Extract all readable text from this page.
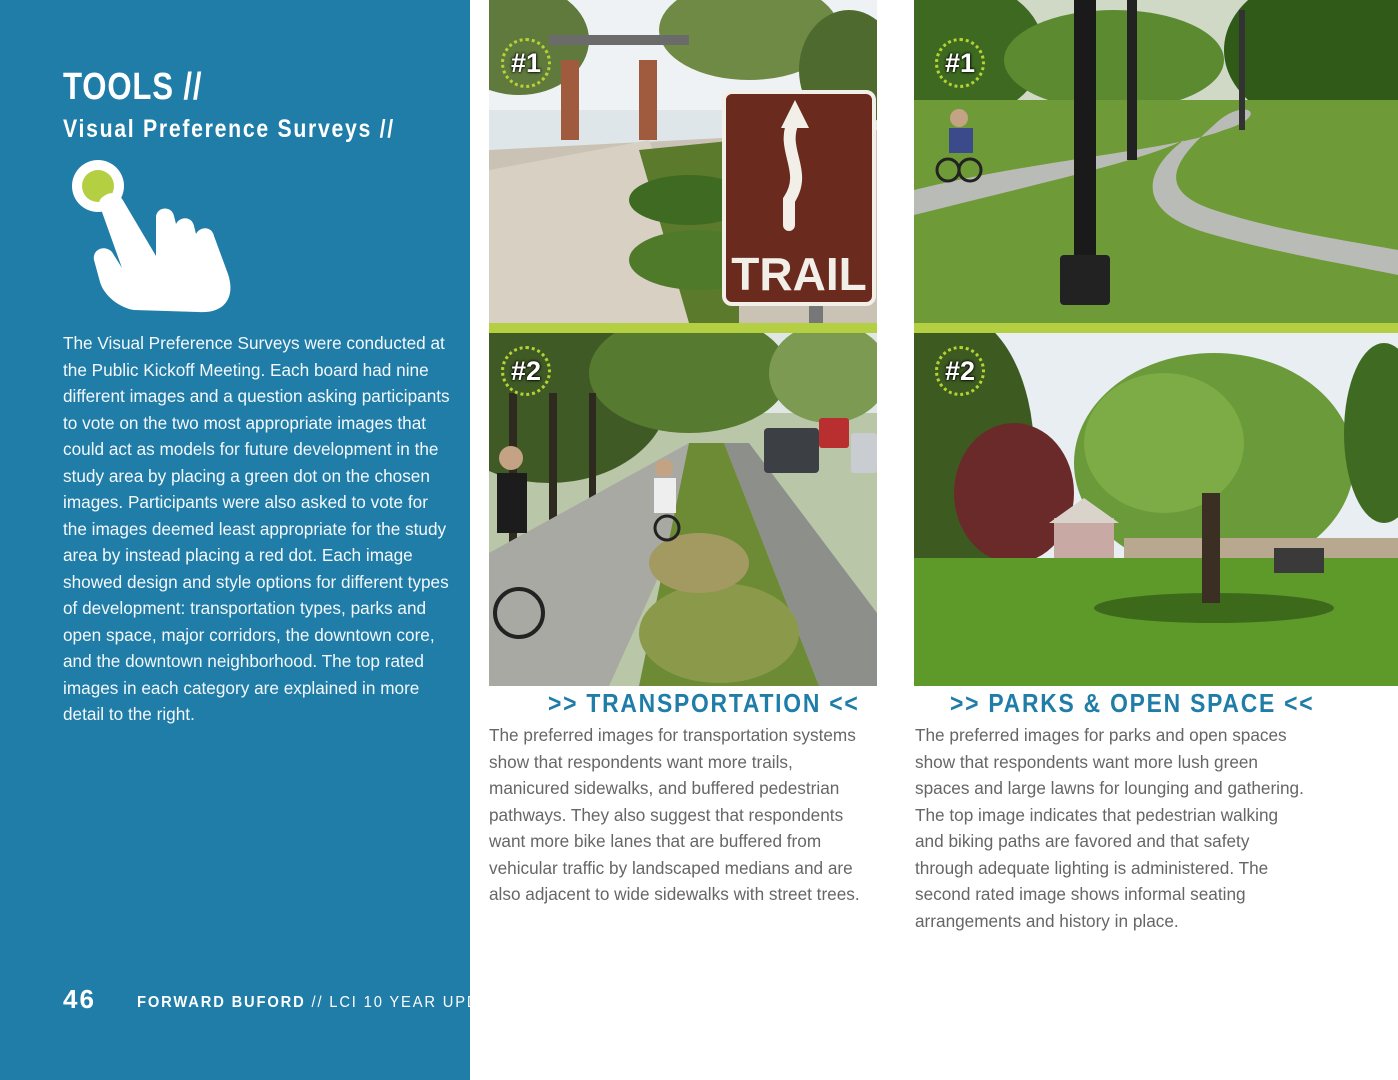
TOOLS //
Visual Preference Surveys //
The Visual Preference Surveys were conducted at the Public Kickoff Meeting. Each board had nine different images and a question asking participants to vote on the two most appropriate images that could act as models for future development in the study area by placing a green dot on the chosen images. Participants were also asked to vote for the images deemed least appropriate for the study area by instead placing a red dot. Each image showed design and style options for different types of development: transportation types, parks and open space, major corridors, the downtown core, and the downtown neighborhood. The top rated images in each category are explained in more detail to the right.
46	FORWARD BUFORD // LCI 10 YEAR UPDATE
TRAIL
#1
#2
#1
#2
>> TRANSPORTATION <<
The preferred images for transportation systems show that respondents want more trails, manicured sidewalks, and buffered pedestrian pathways. They also suggest that respondents want more bike lanes that are buffered from vehicular traffic by landscaped medians and are also adjacent to wide sidewalks with street trees.
>> PARKS & OPEN SPACE <<
The preferred images for parks and open spaces show that respondents want more lush green spaces and large lawns for lounging and gathering. The top image indicates that pedestrian walking and biking paths are favored and that safety through adequate lighting is administered. The second rated image shows informal seating arrangements and history in place.
